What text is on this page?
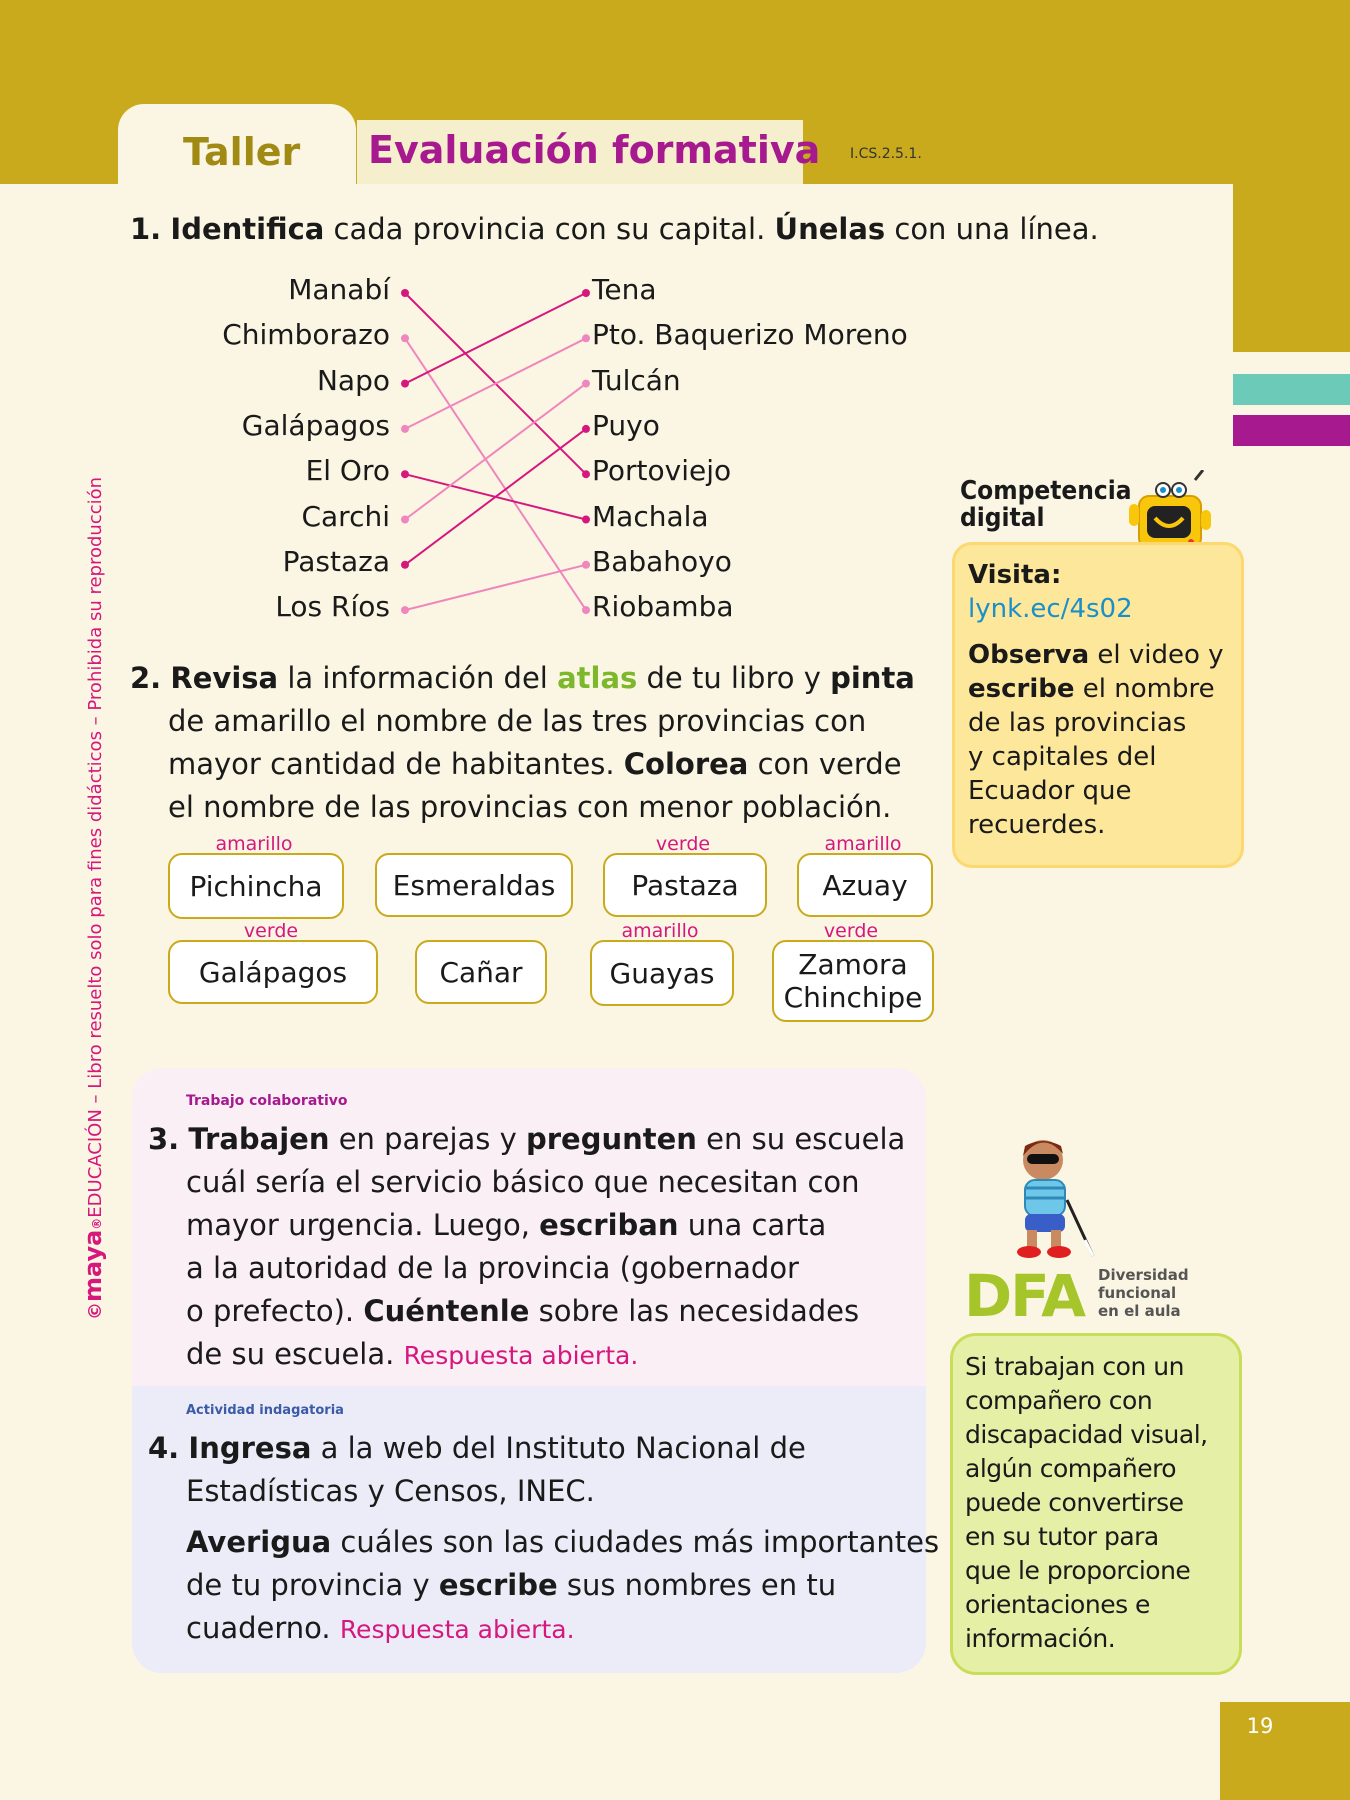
19
Taller Evaluación formativa I.CS.2.5.1.
©maya®EDUCACIÓN – Libro resuelto solo para fines didácticos – Prohibida su reproducción
1. Identifica cada provincia con su capital. Únelas con una línea.
Manabí
Chimborazo
Napo
Galápagos
El Oro
Carchi
Pastaza
Los Ríos
Tena
Pto. Baquerizo Moreno
Tulcán
Puyo
Portoviejo
Machala
Babahoyo
Riobamba
2. Revisa la información del atlas de tu libro y pinta
de amarillo el nombre de las tres provincias con
mayor cantidad de habitantes. Colorea con verde
el nombre de las provincias con menor población.
Pichincha
amarillo
Esmeraldas	Pastaza
verde
Azuay
amarillo
Galápagos
verde
Cañar	Guayas
amarillo
Zamora Chinchipe
verde
Trabajo colaborativo
3. Trabajen en parejas y pregunten en su escuela
cuál sería el servicio básico que necesitan con
mayor urgencia. Luego, escriban una carta
a la autoridad de la provincia (gobernador
o prefecto). Cuéntenle sobre las necesidades
de su escuela. Respuesta abierta.
Actividad indagatoria
4. Ingresa a la web del Instituto Nacional de
Estadísticas y Censos, INEC.
Averigua cuáles son las ciudades más importantes
de tu provincia y escribe sus nombres en tu
cuaderno. Respuesta abierta.
Competencia
digital
Visita:
lynk.ec/4s02
Observa el video y
escribe el nombre
de las provincias
y capitales del
Ecuador que
recuerdes.
DFA Diversidad
funcional
en el aula
Si trabajan con un
compañero con
discapacidad visual,
algún compañero
puede convertirse
en su tutor para
que le proporcione
orientaciones e
información.
